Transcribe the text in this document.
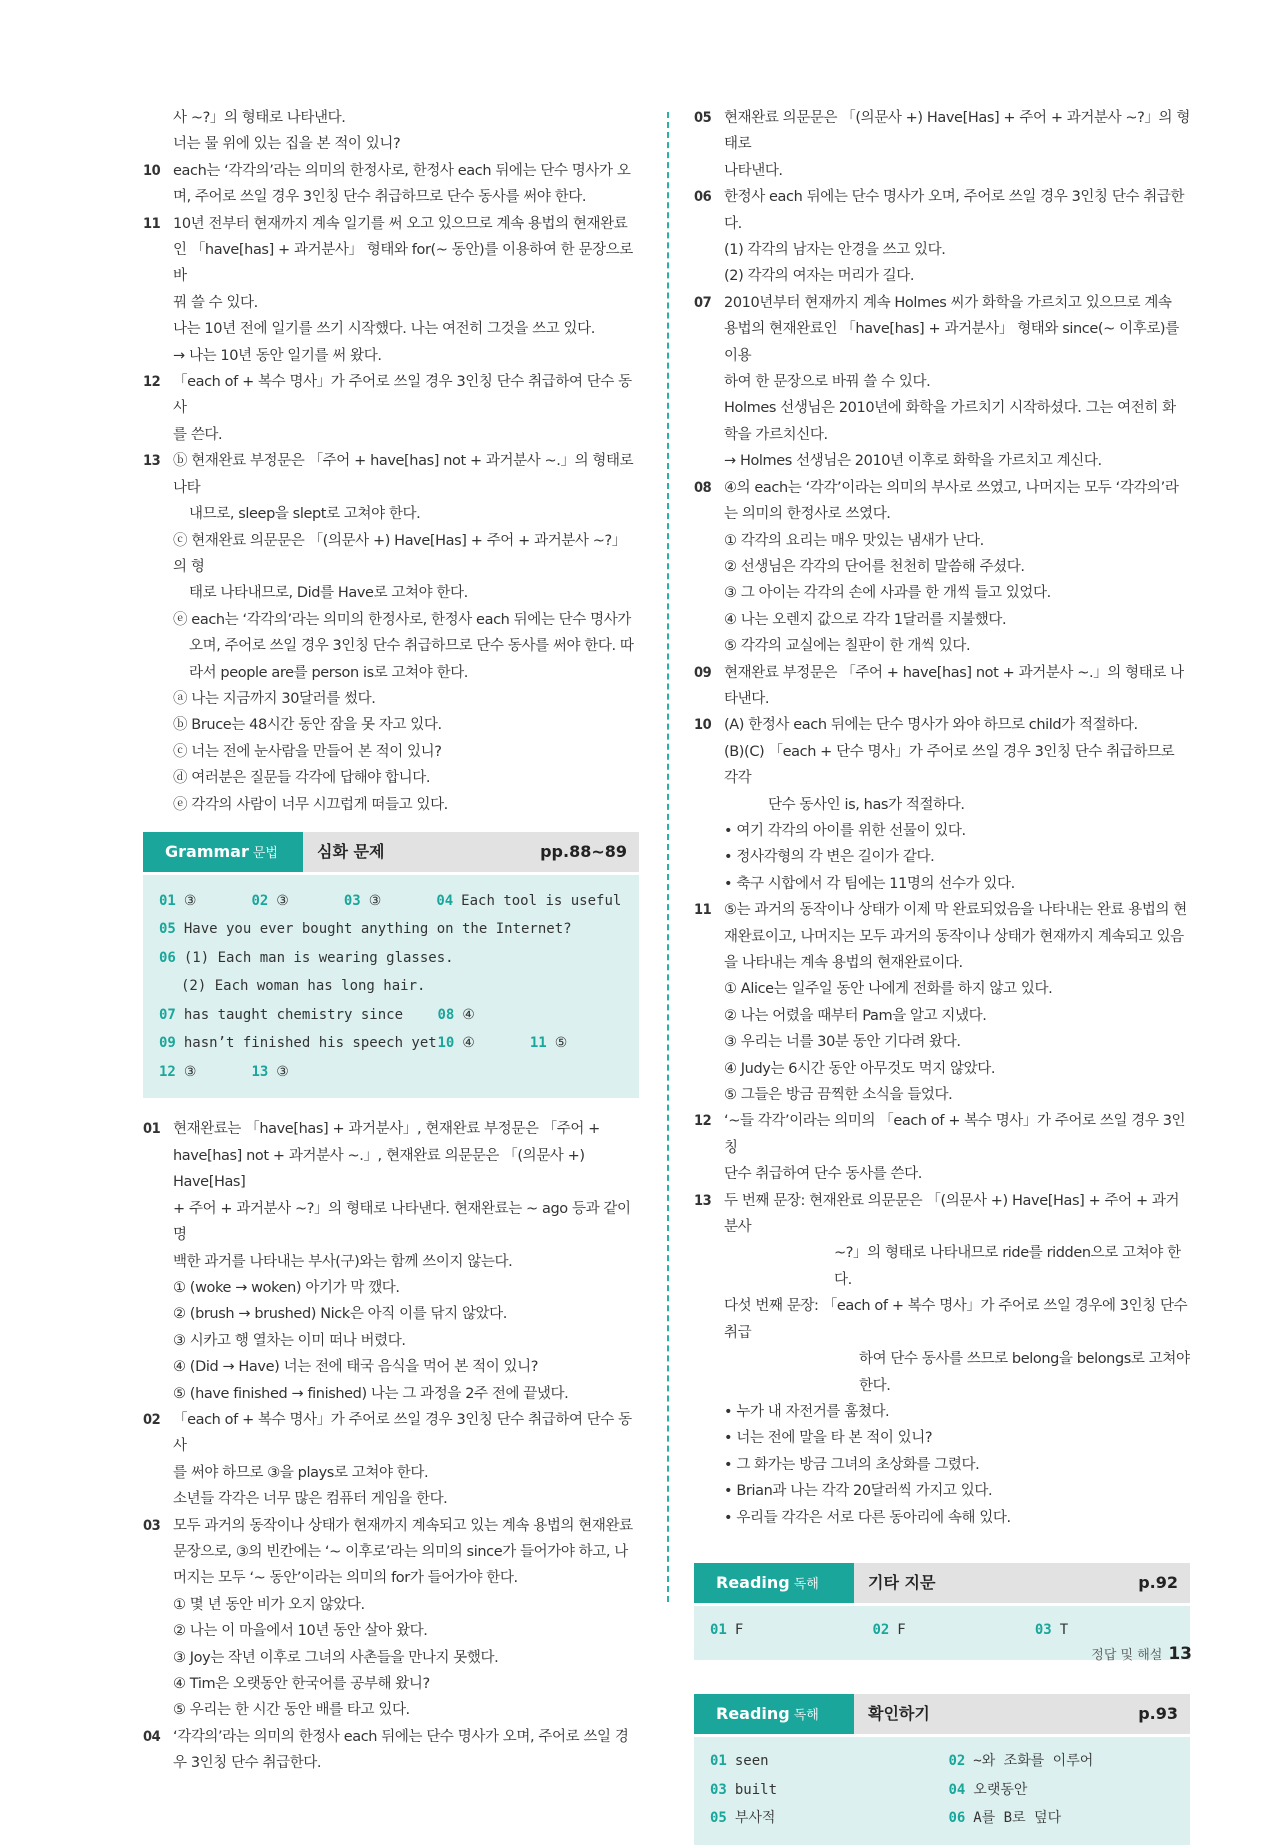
사 ~?」의 형태로 나타낸다.

너는 물 위에 있는 집을 본 적이 있니?

10 each는 ‘각각의’라는 의미의 한정사로, 한정사 each 뒤에는 단수 명사가 오

며, 주어로 쓰일 경우 3인칭 단수 취급하므로 단수 동사를 써야 한다.

11 10년 전부터 현재까지 계속 일기를 써 오고 있으므로 계속 용법의 현재완료

인 「have[has] + 과거분사」 형태와 for(~ 동안)를 이용하여 한 문장으로 바

꿔 쓸 수 있다.

나는 10년 전에 일기를 쓰기 시작했다. 나는 여전히 그것을 쓰고 있다.

→ 나는 10년 동안 일기를 써 왔다.

12 「each of + 복수 명사」가 주어로 쓰일 경우 3인칭 단수 취급하여 단수 동사

를 쓴다.

13 ⓑ 현재완료 부정문은 「주어 + have[has] not + 과거분사 ~.」의 형태로 나타

내므로, sleep을 slept로 고쳐야 한다.

ⓒ 현재완료 의문문은 「(의문사 +) Have[Has] + 주어 + 과거분사 ~?」의 형

태로 나타내므로, Did를 Have로 고쳐야 한다.

ⓔ each는 ‘각각의’라는 의미의 한정사로, 한정사 each 뒤에는 단수 명사가

오며, 주어로 쓰일 경우 3인칭 단수 취급하므로 단수 동사를 써야 한다. 따

라서 people are를 person is로 고쳐야 한다.

ⓐ 나는 지금까지 30달러를 썼다.

ⓑ Bruce는 48시간 동안 잠을 못 자고 있다.

ⓒ 너는 전에 눈사람을 만들어 본 적이 있니?

ⓓ 여러분은 질문들 각각에 답해야 합니다.

ⓔ 각각의 사람이 너무 시끄럽게 떠들고 있다.

Grammar 문법	심화 문제	pp.88~89
01 ③	02 ③	03 ③	04 Each tool is useful
05 Have you ever bought anything on the Internet?
06 (1) Each man is wearing glasses.
(2) Each woman has long hair.
07 has taught chemistry since 08 ④
09 hasn’t finished his speech yet 10 ④	11 ⑤
12 ③	13 ③
01 현재완료는 「have[has] + 과거분사」, 현재완료 부정문은 「주어 +

have[has] not + 과거분사 ~.」, 현재완료 의문문은 「(의문사 +) Have[Has]

+ 주어 + 과거분사 ~?」의 형태로 나타낸다. 현재완료는 ~ ago 등과 같이 명

백한 과거를 나타내는 부사(구)와는 함께 쓰이지 않는다.

① (woke → woken) 아기가 막 깼다.

② (brush → brushed) Nick은 아직 이를 닦지 않았다.

③ 시카고 행 열차는 이미 떠나 버렸다.

④ (Did → Have) 너는 전에 태국 음식을 먹어 본 적이 있니?

⑤ (have finished → finished) 나는 그 과정을 2주 전에 끝냈다.

02 「each of + 복수 명사」가 주어로 쓰일 경우 3인칭 단수 취급하여 단수 동사

를 써야 하므로 ③을 plays로 고쳐야 한다.

소년들 각각은 너무 많은 컴퓨터 게임을 한다.

03 모두 과거의 동작이나 상태가 현재까지 계속되고 있는 계속 용법의 현재완료

문장으로, ③의 빈칸에는 ‘~ 이후로’라는 의미의 since가 들어가야 하고, 나

머지는 모두 ‘~ 동안’이라는 의미의 for가 들어가야 한다.

① 몇 년 동안 비가 오지 않았다.

② 나는 이 마을에서 10년 동안 살아 왔다.

③ Joy는 작년 이후로 그녀의 사촌들을 만나지 못했다.

④ Tim은 오랫동안 한국어를 공부해 왔니?

⑤ 우리는 한 시간 동안 배를 타고 있다.

04 ‘각각의’라는 의미의 한정사 each 뒤에는 단수 명사가 오며, 주어로 쓰일 경

우 3인칭 단수 취급한다.

05 현재완료 의문문은 「(의문사 +) Have[Has] + 주어 + 과거분사 ~?」의 형태로

나타낸다.

06 한정사 each 뒤에는 단수 명사가 오며, 주어로 쓰일 경우 3인칭 단수 취급한다.

(1) 각각의 남자는 안경을 쓰고 있다.

(2) 각각의 여자는 머리가 길다.

07 2010년부터 현재까지 계속 Holmes 씨가 화학을 가르치고 있으므로 계속

용법의 현재완료인 「have[has] + 과거분사」 형태와 since(~ 이후로)를 이용

하여 한 문장으로 바꿔 쓸 수 있다.

Holmes 선생님은 2010년에 화학을 가르치기 시작하셨다. 그는 여전히 화

학을 가르치신다.

→ Holmes 선생님은 2010년 이후로 화학을 가르치고 계신다.

08 ④의 each는 ‘각각’이라는 의미의 부사로 쓰였고, 나머지는 모두 ‘각각의’라

는 의미의 한정사로 쓰였다.

① 각각의 요리는 매우 맛있는 냄새가 난다.

② 선생님은 각각의 단어를 천천히 말씀해 주셨다.

③ 그 아이는 각각의 손에 사과를 한 개씩 들고 있었다.

④ 나는 오렌지 값으로 각각 1달러를 지불했다.

⑤ 각각의 교실에는 칠판이 한 개씩 있다.

09 현재완료 부정문은 「주어 + have[has] not + 과거분사 ~.」의 형태로 나타낸다.

10 (A) 한정사 each 뒤에는 단수 명사가 와야 하므로 child가 적절하다.

(B)(C) 「each + 단수 명사」가 주어로 쓰일 경우 3인칭 단수 취급하므로 각각

단수 동사인 is, has가 적절하다.

• 여기 각각의 아이를 위한 선물이 있다.

• 정사각형의 각 변은 길이가 같다.

• 축구 시합에서 각 팀에는 11명의 선수가 있다.

11 ⑤는 과거의 동작이나 상태가 이제 막 완료되었음을 나타내는 완료 용법의 현

재완료이고, 나머지는 모두 과거의 동작이나 상태가 현재까지 계속되고 있음

을 나타내는 계속 용법의 현재완료이다.

① Alice는 일주일 동안 나에게 전화를 하지 않고 있다.

② 나는 어렸을 때부터 Pam을 알고 지냈다.

③ 우리는 너를 30분 동안 기다려 왔다.

④ Judy는 6시간 동안 아무것도 먹지 않았다.

⑤ 그들은 방금 끔찍한 소식을 들었다.

12 ‘~들 각각’이라는 의미의 「each of + 복수 명사」가 주어로 쓰일 경우 3인칭

단수 취급하여 단수 동사를 쓴다.

13 두 번째 문장: 현재완료 의문문은 「(의문사 +) Have[Has] + 주어 + 과거분사

~?」의 형태로 나타내므로 ride를 ridden으로 고쳐야 한다.

다섯 번째 문장: 「each of + 복수 명사」가 주어로 쓰일 경우에 3인칭 단수 취급

하여 단수 동사를 쓰므로 belong을 belongs로 고쳐야 한다.

• 누가 내 자전거를 훔쳤다.

• 너는 전에 말을 타 본 적이 있니?

• 그 화가는 방금 그녀의 초상화를 그렸다.

• Brian과 나는 각각 20달러씩 가지고 있다.

• 우리들 각각은 서로 다른 동아리에 속해 있다.

Reading 독해	기타 지문	p.92
01 F	02 F	03 T
Reading 독해	확인하기	p.93
01 seen	02 ~와 조화를 이루어
03 built	04 오랫동안
05 부사적	06 A를 B로 덮다
정답 및 해설 13
